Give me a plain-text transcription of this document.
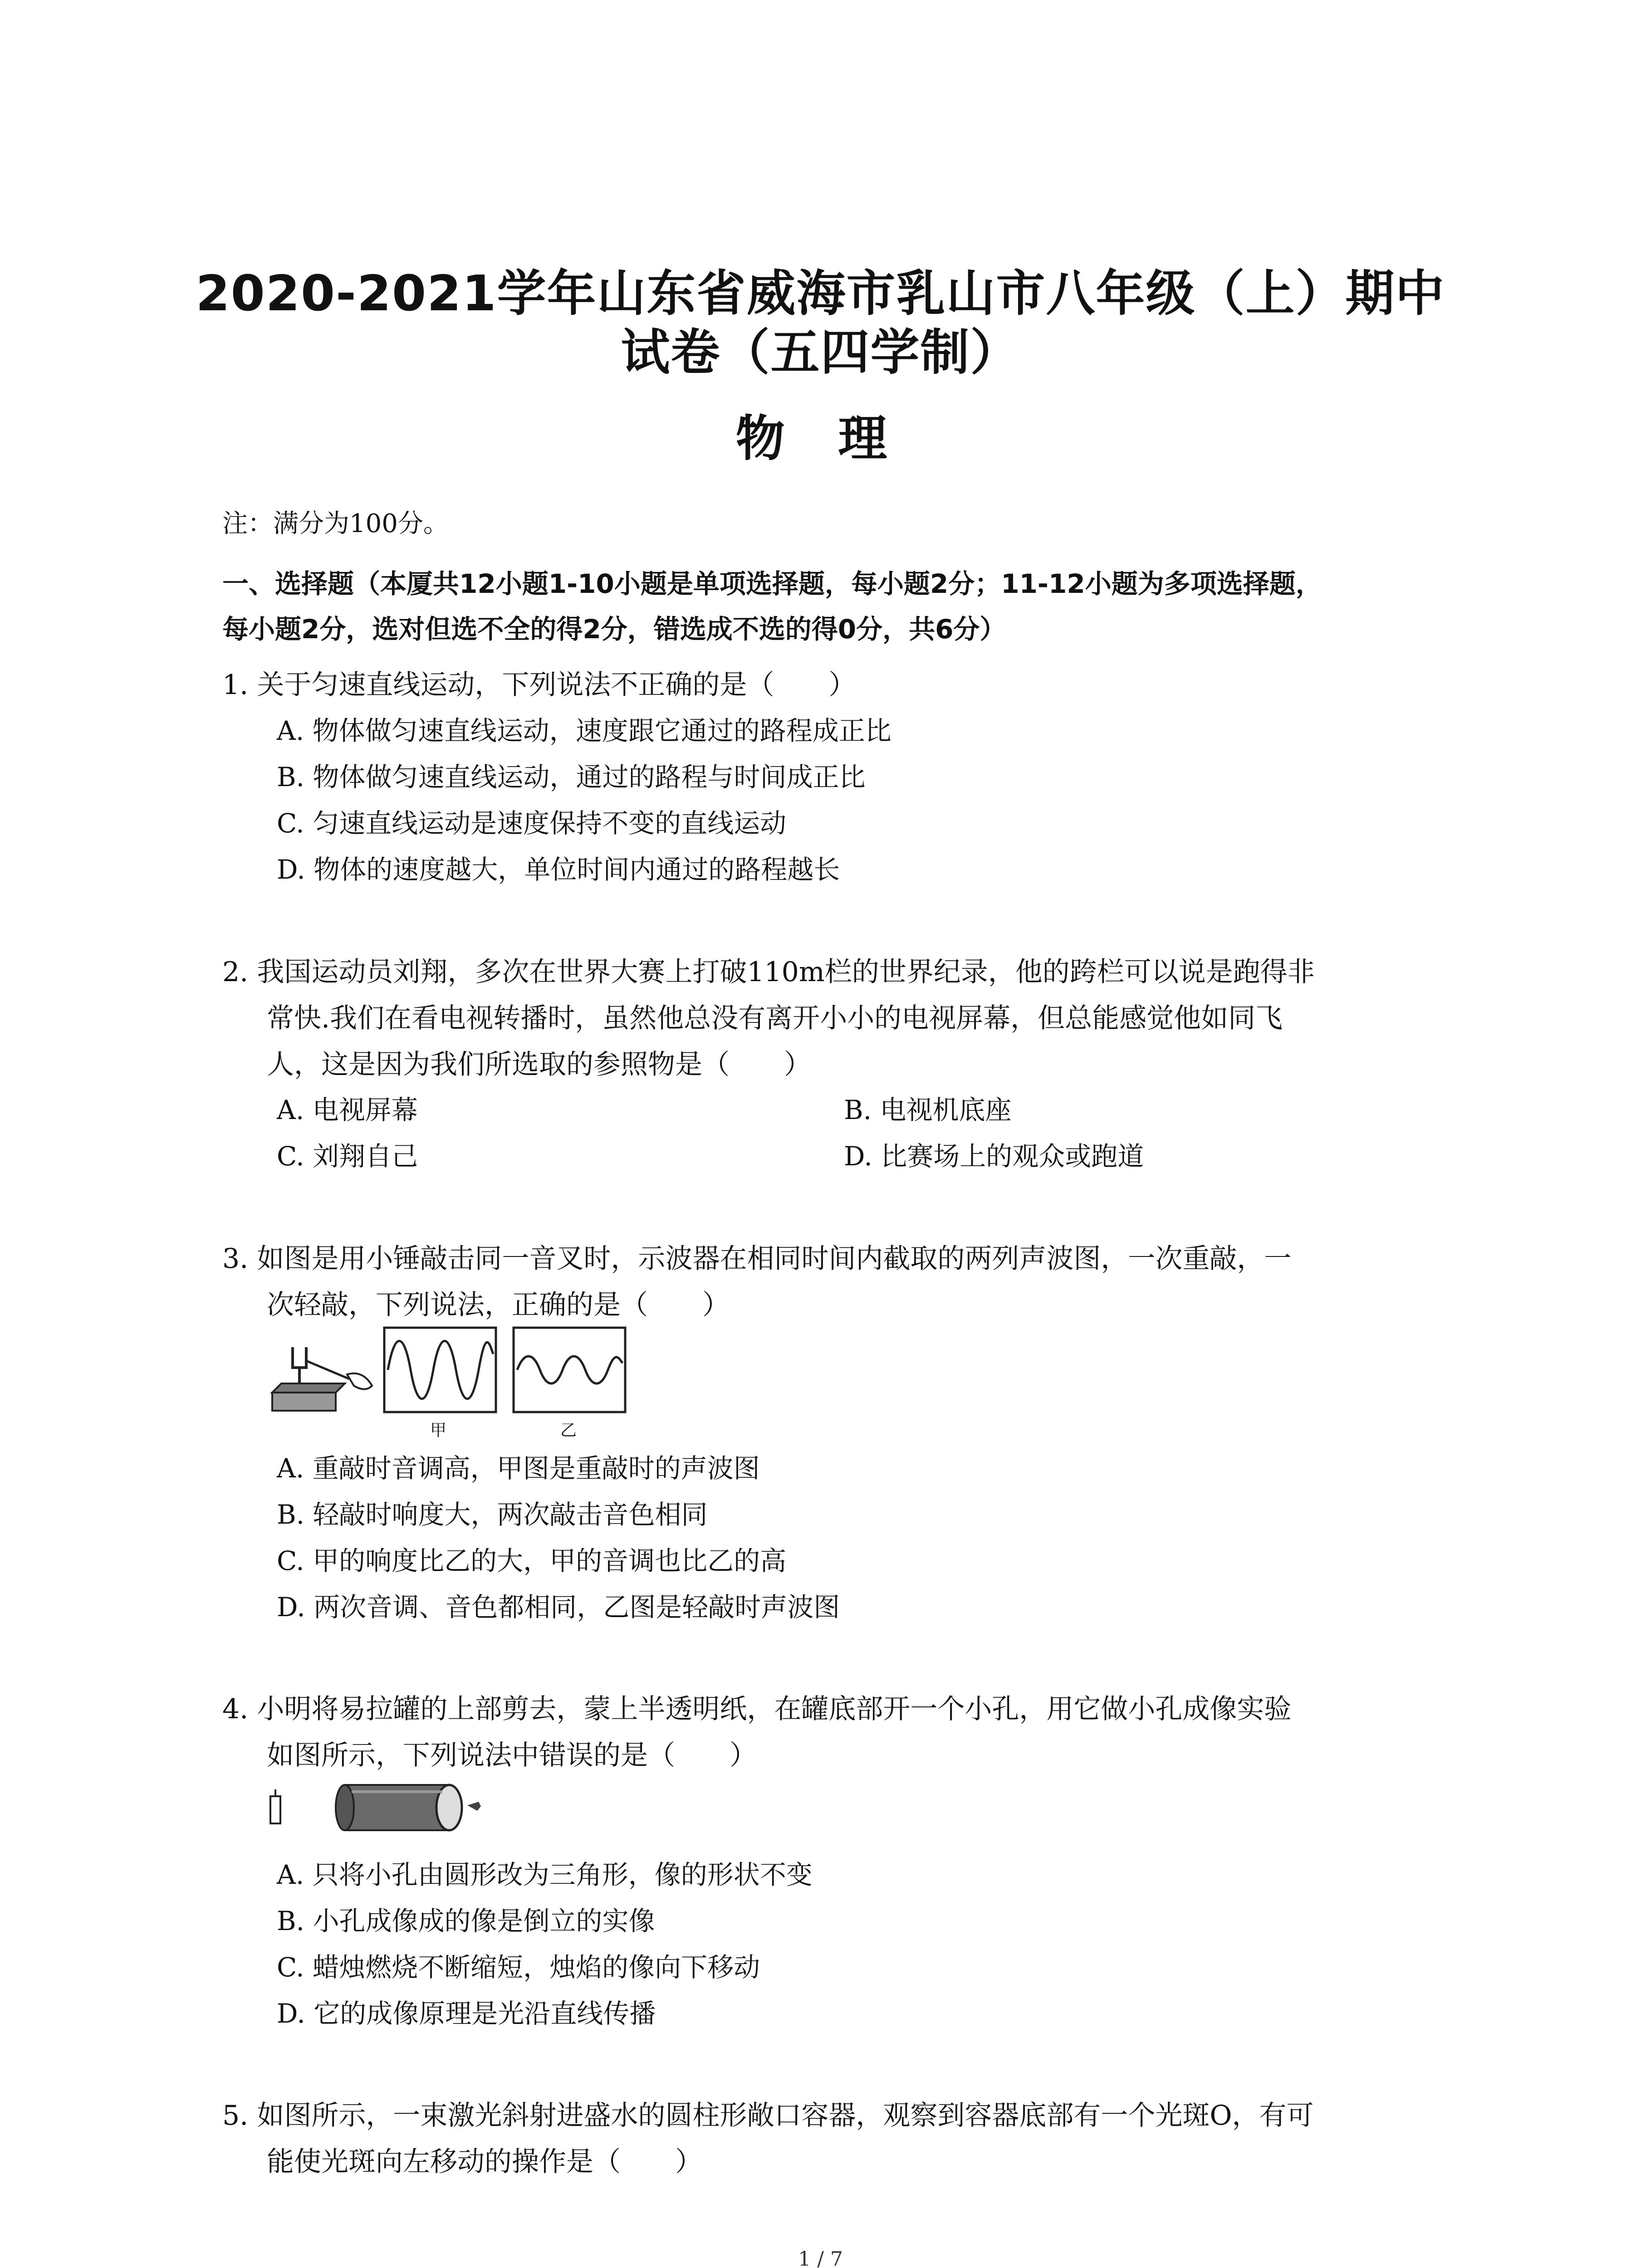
2020-2021学年山东省威海市乳山市八年级（上）期中
试卷（五四学制）
物 理
注：满分为100分。
一、选择题（本厦共12小题1-10小题是单项选择题，每小题2分；11-12小题为多项选择题，
每小题2分，选对但选不全的得2分，错选成不选的得0分，共6分）
1. 关于匀速直线运动，下列说法不正确的是（　　）
A. 物体做匀速直线运动，速度跟它通过的路程成正比
B. 物体做匀速直线运动，通过的路程与时间成正比
C. 匀速直线运动是速度保持不变的直线运动
D. 物体的速度越大，单位时间内通过的路程越长
2. 我国运动员刘翔，多次在世界大赛上打破110m栏的世界纪录，他的跨栏可以说是跑得非
常快.我们在看电视转播时，虽然他总没有离开小小的电视屏幕，但总能感觉他如同飞
人，这是因为我们所选取的参照物是（　　）
A. 电视屏幕	B. 电视机底座
C. 刘翔自己	D. 比赛场上的观众或跑道
3. 如图是用小锤敲击同一音叉时，示波器在相同时间内截取的两列声波图，一次重敲，一
次轻敲，下列说法，正确的是（　　）
甲	乙
A. 重敲时音调高，甲图是重敲时的声波图
B. 轻敲时响度大，两次敲击音色相同
C. 甲的响度比乙的大，甲的音调也比乙的高
D. 两次音调、音色都相同，乙图是轻敲时声波图
4. 小明将易拉罐的上部剪去，蒙上半透明纸，在罐底部开一个小孔，用它做小孔成像实验
如图所示，下列说法中错误的是（　　）
A. 只将小孔由圆形改为三角形，像的形状不变
B. 小孔成像成的像是倒立的实像
C. 蜡烛燃烧不断缩短，烛焰的像向下移动
D. 它的成像原理是光沿直线传播
5. 如图所示，一束激光斜射进盛水的圆柱形敞口容器，观察到容器底部有一个光斑O，有可
能使光斑向左移动的操作是（　　）
1 / 7
